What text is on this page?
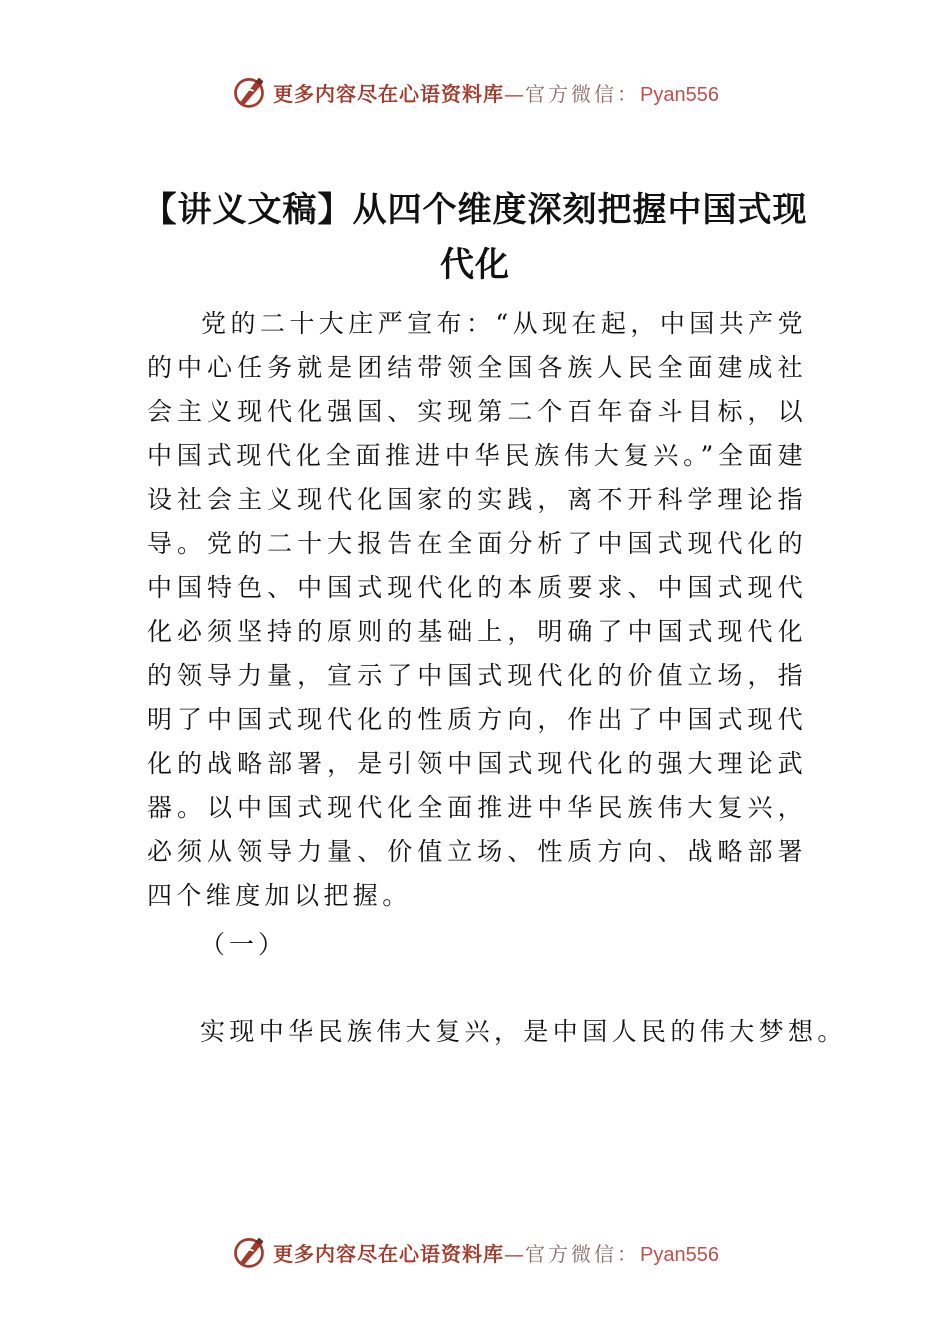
更多内容尽在心语资料库—官方微信：Pyan556
【讲义文稿】从四个维度深刻把握中国式现代化

党的二十大庄严宣布：“从现在起，中国共产党的中心任务就是团结带领全国各族人民全面建成社会主义现代化强国、实现第二个百年奋斗目标，以中国式现代化全面推进中华民族伟大复兴。”全面建设社会主义现代化国家的实践，离不开科学理论指导。党的二十大报告在全面分析了中国式现代化的中国特色、中国式现代化的本质要求、中国式现代化必须坚持的原则的基础上，明确了中国式现代化的领导力量，宣示了中国式现代化的价值立场，指明了中国式现代化的性质方向，作出了中国式现代化的战略部署，是引领中国式现代化的强大理论武器。以中国式现代化全面推进中华民族伟大复兴，必须从领导力量、价值立场、性质方向、战略部署四个维度加以把握。

（一）

实现中华民族伟大复兴，是中国人民的伟大梦想。

更多内容尽在心语资料库—官方微信：Pyan556
